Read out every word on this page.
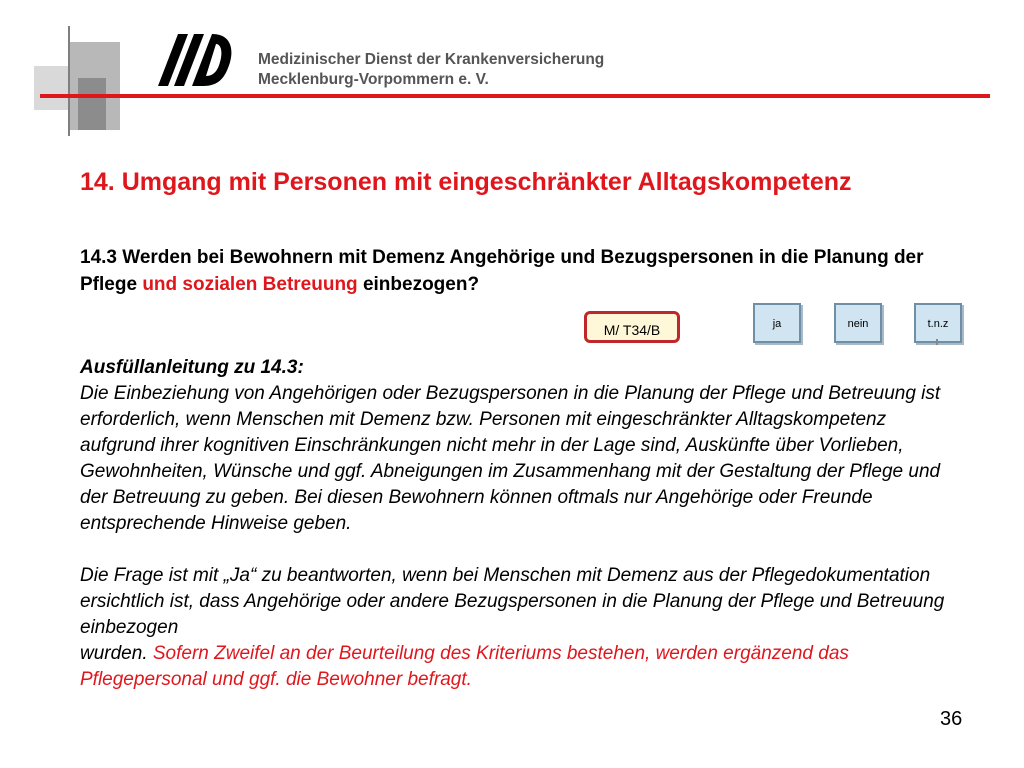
Medizinischer Dienst der Krankenversicherung
Mecklenburg-Vorpommern e. V.
14. Umgang mit Personen mit eingeschränkter Alltagskompetenz
14.3 Werden bei Bewohnern mit Demenz Angehörige und Bezugspersonen in die Planung der Pflege und sozialen Betreuung einbezogen?
M/ T34/B	ja	nein	t.n.z

Ausfüllanleitung zu 14.3:

Die Einbeziehung von Angehörigen oder Bezugspersonen in die Planung der Pflege und Betreuung ist erforderlich, wenn Menschen mit Demenz bzw. Personen mit eingeschränkter Alltagskompetenz aufgrund ihrer kognitiven Einschränkungen nicht mehr in der Lage sind, Auskünfte über Vorlieben, Gewohnheiten, Wünsche und ggf. Abneigungen im Zusammenhang mit der Gestaltung der Pflege und der Betreuung zu geben. Bei diesen Bewohnern können oftmals nur Angehörige oder Freunde entsprechende Hinweise geben.

Die Frage ist mit „Ja“ zu beantworten, wenn bei Menschen mit Demenz aus der Pflegedokumentation ersichtlich ist, dass Angehörige oder andere Bezugspersonen in die Planung der Pflege und Betreuung einbezogen

wurden. Sofern Zweifel an der Beurteilung des Kriteriums bestehen, werden ergänzend das Pflegepersonal und ggf. die Bewohner befragt.

36
